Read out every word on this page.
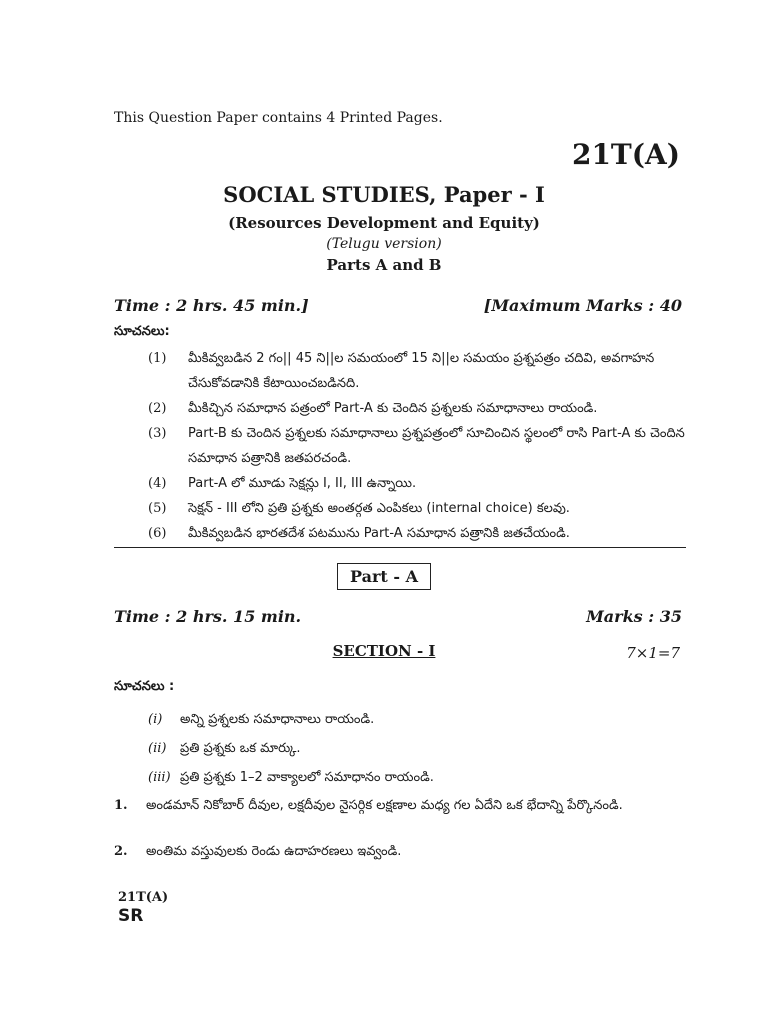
This Question Paper contains 4 Printed Pages.
21T(A)
SOCIAL STUDIES, Paper - I
(Resources Development and Equity)
(Telugu version)
Parts A and B
Time : 2 hrs. 45 min.]	[Maximum Marks : 40
సూచనలు:
(1)	మీకివ్వబడిన 2 గం|| 45 ని||ల సమయంలో 15 ని||ల సమయం ప్రశ్నపత్రం చదివి, అవగాహన చేసుకోవడానికి కేటాయించబడినది.
(2)	మీకిచ్చిన సమాధాన పత్రంలో Part-A కు చెందిన ప్రశ్నలకు సమాధానాలు రాయండి.
(3)	Part-B కు చెందిన ప్రశ్నలకు సమాధానాలు ప్రశ్నపత్రంలో సూచించిన స్థలంలో రాసి Part-A కు చెందిన సమాధాన పత్రానికి జతపరచండి.
(4)	Part-A లో మూడు సెక్షన్లు I, II, III ఉన్నాయి.
(5)	సెక్షన్ - III లోని ప్రతి ప్రశ్నకు అంతర్గత ఎంపికలు (internal choice) కలవు.
(6)	మీకివ్వబడిన భారతదేశ పటమును Part-A సమాధాన పత్రానికి జతచేయండి.
Part - A
Time : 2 hrs. 15 min.	Marks : 35
SECTION - I	7×1=7
సూచనలు :
(i)	అన్ని ప్రశ్నలకు సమాధానాలు రాయండి.
(ii)	ప్రతి ప్రశ్నకు ఒక మార్కు.
(iii) ప్రతి ప్రశ్నకు 1–2 వాక్యాలలో సమాధానం రాయండి.
1.	అండమాన్ నికోబార్ దీవుల, లక్షదీవుల నైసర్గిక లక్షణాల మధ్య గల ఏదేని ఒక భేదాన్ని పేర్కొనండి.
2.	అంతిమ వస్తువులకు రెండు ఉదాహరణలు ఇవ్వండి.
21T(A)
SR
